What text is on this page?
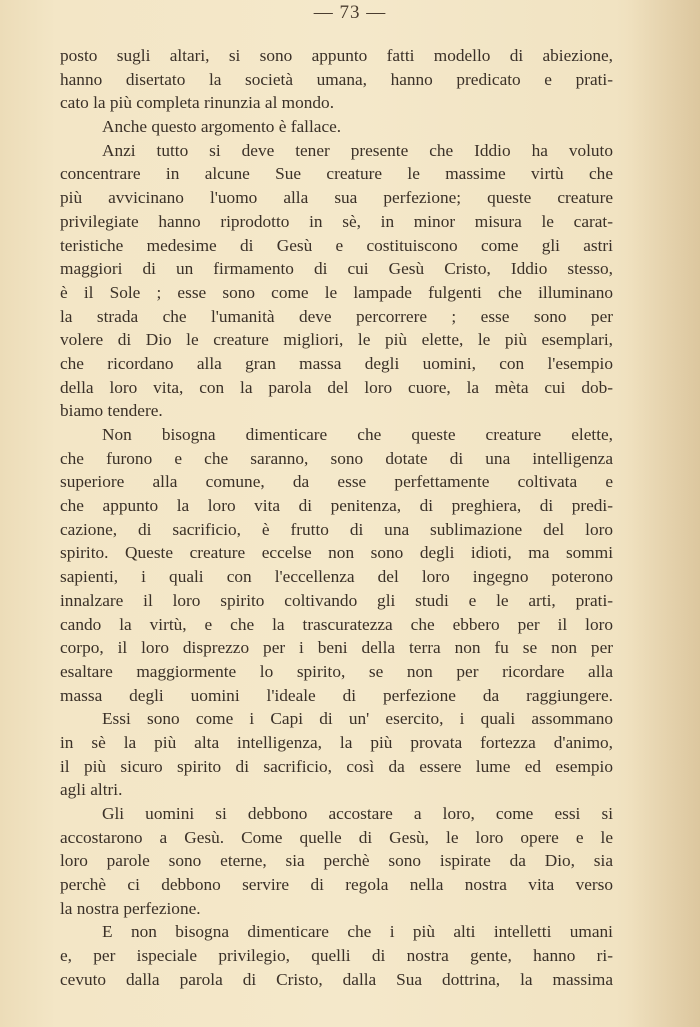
— 73 —
posto sugli altari, si sono appunto fatti modello di abiezione,
hanno disertato la società umana, hanno predicato e prati-
cato la più completa rinunzia al mondo.
Anche questo argomento è fallace.
Anzi tutto si deve tener presente che Iddio ha voluto
concentrare in alcune Sue creature le massime virtù che
più avvicinano l'uomo alla sua perfezione; queste creature
privilegiate hanno riprodotto in sè, in minor misura le carat-
teristiche medesime di Gesù e costituiscono come gli astri
maggiori di un firmamento di cui Gesù Cristo, Iddio stesso,
è il Sole ; esse sono come le lampade fulgenti che illuminano
la strada che l'umanità deve percorrere ; esse sono per
volere di Dio le creature migliori, le più elette, le più esemplari,
che ricordano alla gran massa degli uomini, con l'esempio
della loro vita, con la parola del loro cuore, la mèta cui dob-
biamo tendere.
Non bisogna dimenticare che queste creature elette,
che furono e che saranno, sono dotate di una intelligenza
superiore alla comune, da esse perfettamente coltivata e
che appunto la loro vita di penitenza, di preghiera, di predi-
cazione, di sacrificio, è frutto di una sublimazione del loro
spirito. Queste creature eccelse non sono degli idioti, ma sommi
sapienti, i quali con l'eccellenza del loro ingegno poterono
innalzare il loro spirito coltivando gli studi e le arti, prati-
cando la virtù, e che la trascuratezza che ebbero per il loro
corpo, il loro disprezzo per i beni della terra non fu se non per
esaltare maggiormente lo spirito, se non per ricordare alla
massa degli uomini l'ideale di perfezione da raggiungere.
Essi sono come i Capi di un' esercito, i quali assommano
in sè la più alta intelligenza, la più provata fortezza d'animo,
il più sicuro spirito di sacrificio, così da essere lume ed esempio
agli altri.
Gli uomini si debbono accostare a loro, come essi si
accostarono a Gesù. Come quelle di Gesù, le loro opere e le
loro parole sono eterne, sia perchè sono ispirate da Dio, sia
perchè ci debbono servire di regola nella nostra vita verso
la nostra perfezione.
E non bisogna dimenticare che i più alti intelletti umani
e, per ispeciale privilegio, quelli di nostra gente, hanno ri-
cevuto dalla parola di Cristo, dalla Sua dottrina, la massima
